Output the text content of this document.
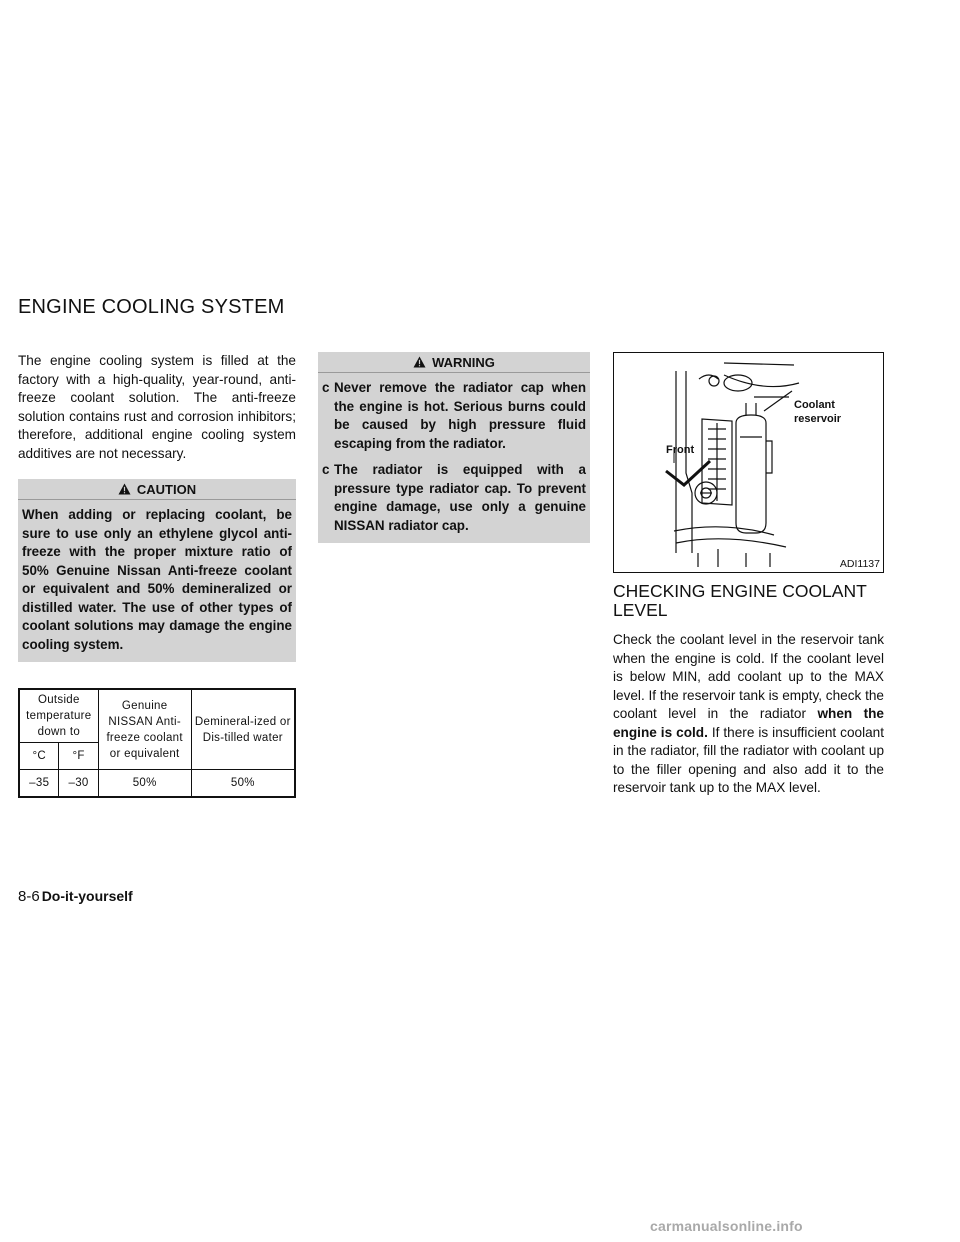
ENGINE COOLING SYSTEM

The engine cooling system is filled at the factory with a high-quality, year-round, anti-freeze coolant solution. The anti-freeze solution contains rust and corrosion inhibitors; therefore, additional engine cooling system additives are not necessary.

CAUTION
When adding or replacing coolant, be sure to use only an ethylene glycol anti-freeze with the proper mixture ratio of 50% Genuine Nissan Anti-freeze coolant or equivalent and 50% demineralized or distilled water. The use of other types of coolant solutions may damage the engine cooling system.
Outside temperature down to		Genuine NISSAN Anti-freeze coolant or equivalent	Demineral-ized or Dis-tilled water
°C	°F		
–35	–30	50%	50%
WARNING
c Never remove the radiator cap when the engine is hot. Serious burns could be caused by high pressure fluid escaping from the radiator.
c The radiator is equipped with a pressure type radiator cap. To prevent engine damage, use only a genuine NISSAN radiator cap.
Front
Coolant
reservoir
ADI1137
CHECKING ENGINE COOLANT LEVEL

Check the coolant level in the reservoir tank when the engine is cold. If the coolant level is below MIN, add coolant up to the MAX level. If the reservoir tank is empty, check the coolant level in the radiator when the engine is cold. If there is insufficient coolant in the radiator, fill the radiator with coolant up to the filler opening and also add it to the reservoir tank up to the MAX level.

8-6 Do-it-yourself
carmanualsonline.info
